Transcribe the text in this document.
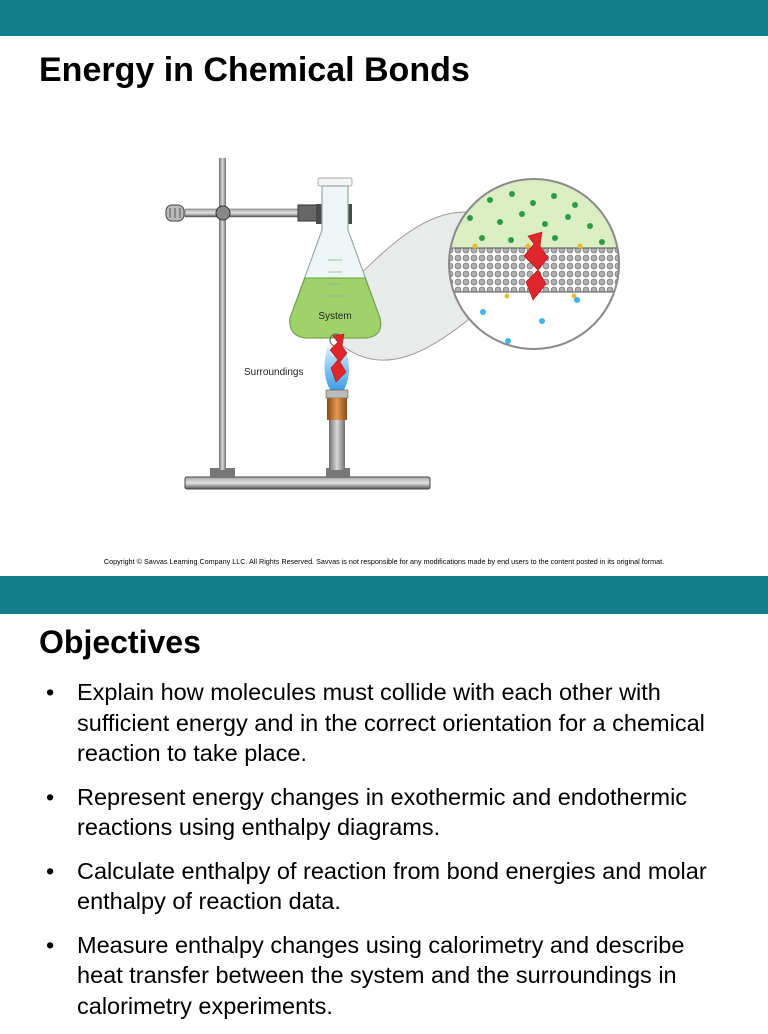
Energy in Chemical Bonds
System
Surroundings
Copyright © Savvas Learning Company LLC. All Rights Reserved. Savvas is not responsible for any modifications made by end users to the content posted in its original format.
Objectives
• Explain how molecules must collide with each other with sufficient energy and in the correct orientation for a chemical reaction to take place.
• Represent energy changes in exothermic and endothermic reactions using enthalpy diagrams.
• Calculate enthalpy of reaction from bond energies and molar enthalpy of reaction data.
• Measure enthalpy changes using calorimetry and describe heat transfer between the system and the surroundings in calorimetry experiments.
